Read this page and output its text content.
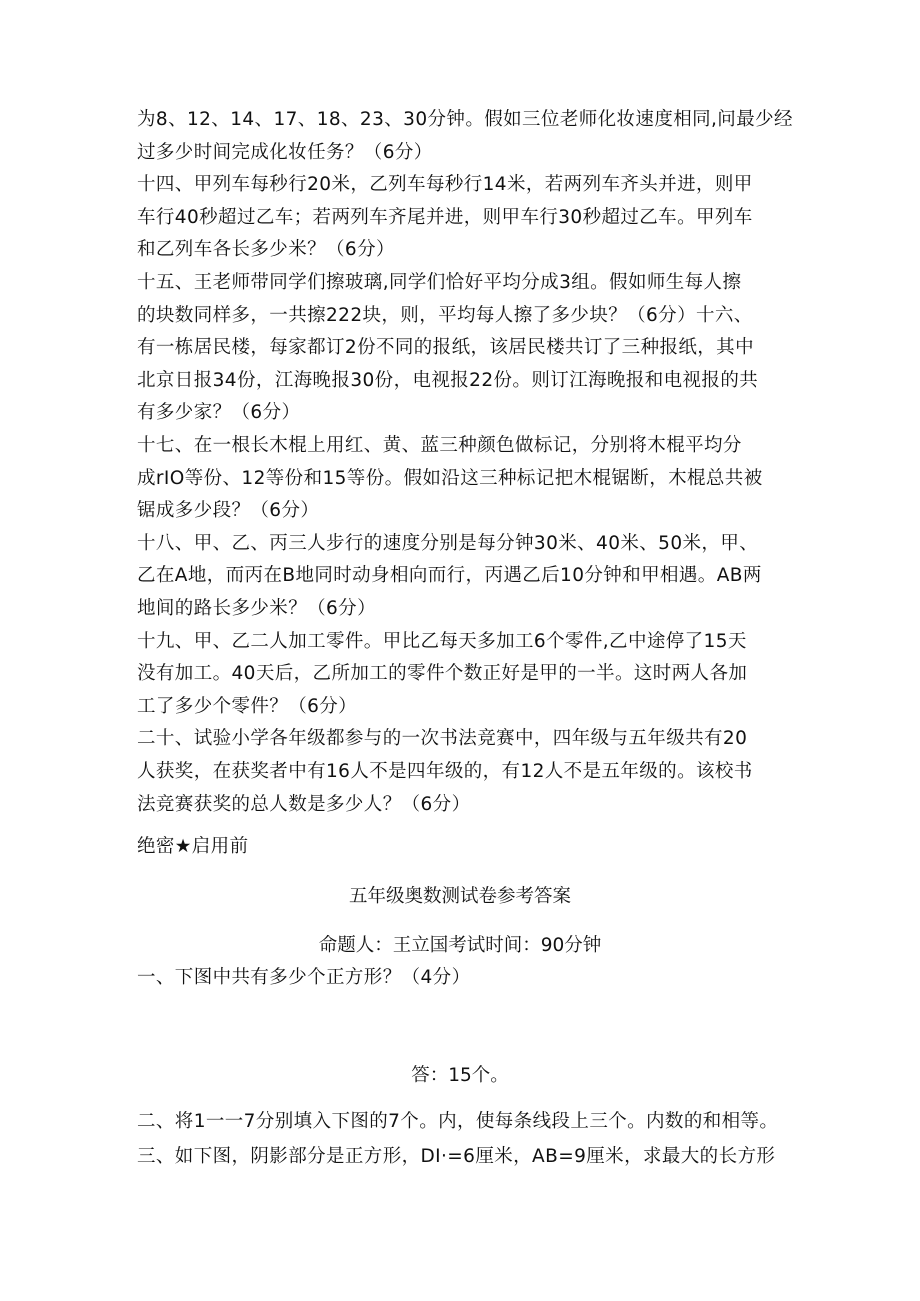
为8、12、14、17、18、23、30分钟。假如三位老师化妆速度相同,问最少经
过多少时间完成化妆任务？（6分）
十四、甲列车每秒行20米，乙列车每秒行14米，若两列车齐头并进，则甲
车行40秒超过乙车；若两列车齐尾并进，则甲车行30秒超过乙车。甲列车
和乙列车各长多少米？（6分）
十五、王老师带同学们擦玻璃,同学们恰好平均分成3组。假如师生每人擦
的块数同样多，一共擦222块，则，平均每人擦了多少块？（6分）十六、
有一栋居民楼，每家都订2份不同的报纸，该居民楼共订了三种报纸，其中
北京日报34份，江海晚报30份，电视报22份。则订江海晚报和电视报的共
有多少家？（6分）
十七、在一根长木棍上用红、黄、蓝三种颜色做标记，分别将木棍平均分
成rIO等份、12等份和15等份。假如沿这三种标记把木棍锯断，木棍总共被
锯成多少段？（6分）
十八、甲、乙、丙三人步行的速度分别是每分钟30米、40米、50米，甲、
乙在A地，而丙在B地同时动身相向而行，丙遇乙后10分钟和甲相遇。AB两
地间的路长多少米？（6分）
十九、甲、乙二人加工零件。甲比乙每天多加工6个零件,乙中途停了15天
没有加工。40天后，乙所加工的零件个数正好是甲的一半。这时两人各加
工了多少个零件？（6分）
二十、试验小学各年级都参与的一次书法竞赛中，四年级与五年级共有20
人获奖，在获奖者中有16人不是四年级的，有12人不是五年级的。该校书
法竞赛获奖的总人数是多少人？（6分）
绝密★启用前
五年级奥数测试卷参考答案
命题人：王立国考试时间：90分钟
一、下图中共有多少个正方形？（4分）
答：15个。
二、将1一一7分别填入下图的7个。内，使每条线段上三个。内数的和相等。
三、如下图，阴影部分是正方形，DI·=6厘米，AB=9厘米，求最大的长方形
